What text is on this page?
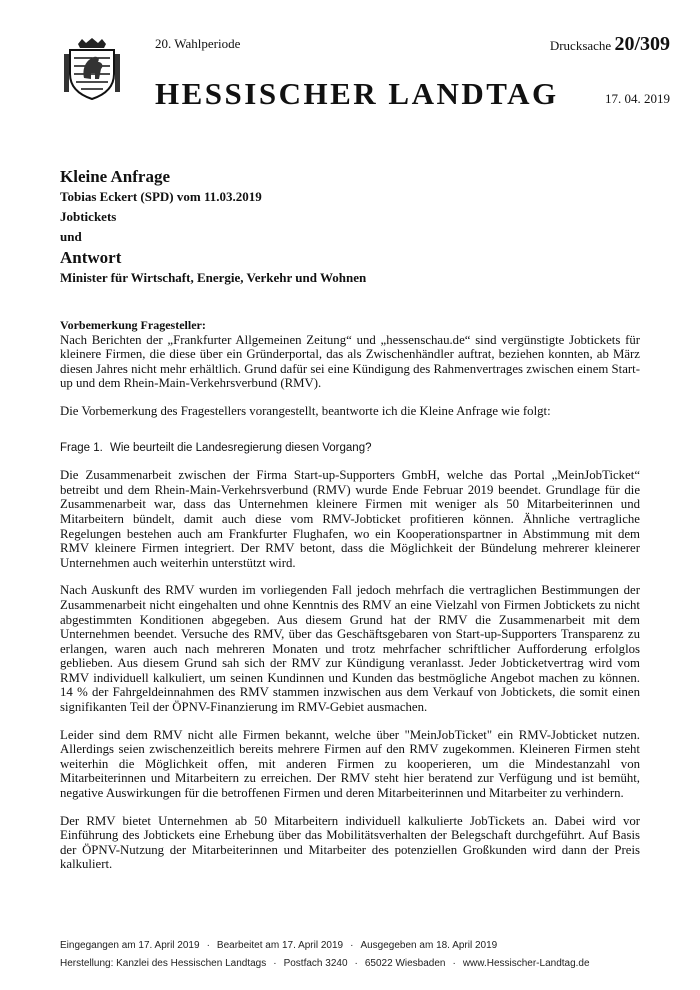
20. Wahlperiode	Drucksache 20/309
HESSISCHER LANDTAG	17. 04. 2019
Kleine Anfrage
Tobias Eckert (SPD) vom 11.03.2019
Jobtickets
und
Antwort
Minister für Wirtschaft, Energie, Verkehr und Wohnen
Vorbemerkung Fragesteller:

Nach Berichten der „Frankfurter Allgemeinen Zeitung“ und „hessenschau.de“ sind vergünstigte Jobtickets für kleinere Firmen, die diese über ein Gründerportal, das als Zwischenhändler auftrat, beziehen konnten, ab März diesen Jahres nicht mehr erhältlich. Grund dafür sei eine Kündigung des Rahmenvertrages zwischen einem Start-up und dem Rhein-Main-Verkehrsverbund (RMV).

Die Vorbemerkung des Fragestellers vorangestellt, beantworte ich die Kleine Anfrage wie folgt:

Frage 1. Wie beurteilt die Landesregierung diesen Vorgang?

Die Zusammenarbeit zwischen der Firma Start-up-Supporters GmbH, welche das Portal „MeinJobTicket“ betreibt und dem Rhein-Main-Verkehrsverbund (RMV) wurde Ende Februar 2019 beendet. Grundlage für die Zusammenarbeit war, dass das Unternehmen kleinere Firmen mit weniger als 50 Mitarbeiterinnen und Mitarbeitern bündelt, damit auch diese vom RMV-Jobticket profitieren können. Ähnliche vertragliche Regelungen bestehen auch am Frankfurter Flughafen, wo ein Kooperationspartner in Abstimmung mit dem RMV kleinere Firmen integriert. Der RMV betont, dass die Möglichkeit der Bündelung mehrerer kleinerer Unternehmen auch weiterhin unterstützt wird.

Nach Auskunft des RMV wurden im vorliegenden Fall jedoch mehrfach die vertraglichen Bestimmungen der Zusammenarbeit nicht eingehalten und ohne Kenntnis des RMV an eine Vielzahl von Firmen Jobtickets zu nicht abgestimmten Konditionen abgegeben. Aus diesem Grund hat der RMV die Zusammenarbeit mit dem Unternehmen beendet. Versuche des RMV, über das Geschäftsgebaren von Start-up-Supporters Transparenz zu erlangen, waren auch nach mehreren Monaten und trotz mehrfacher schriftlicher Aufforderung erfolglos geblieben. Aus diesem Grund sah sich der RMV zur Kündigung veranlasst. Jeder Jobticketvertrag wird vom RMV individuell kalkuliert, um seinen Kundinnen und Kunden das bestmögliche Angebot machen zu können. 14 % der Fahrgeldeinnahmen des RMV stammen inzwischen aus dem Verkauf von Jobtickets, die somit einen signifikanten Teil der ÖPNV-Finanzierung im RMV-Gebiet ausmachen.

Leider sind dem RMV nicht alle Firmen bekannt, welche über "MeinJobTicket" ein RMV-Jobticket nutzen. Allerdings seien zwischenzeitlich bereits mehrere Firmen auf den RMV zugekommen. Kleineren Firmen steht weiterhin die Möglichkeit offen, mit anderen Firmen zu kooperieren, um die Mindestanzahl von Mitarbeiterinnen und Mitarbeitern zu erreichen. Der RMV steht hier beratend zur Verfügung und ist bemüht, negative Auswirkungen für die betroffenen Firmen und deren Mitarbeiterinnen und Mitarbeiter zu verhindern.

Der RMV bietet Unternehmen ab 50 Mitarbeitern individuell kalkulierte JobTickets an. Dabei wird vor Einführung des Jobtickets eine Erhebung über das Mobilitätsverhalten der Belegschaft durchgeführt. Auf Basis der ÖPNV-Nutzung der Mitarbeiterinnen und Mitarbeiter des potenziellen Großkunden wird dann der Preis kalkuliert.

Eingegangen am 17. April 2019 · Bearbeitet am 17. April 2019 · Ausgegeben am 18. April 2019
Herstellung: Kanzlei des Hessischen Landtags · Postfach 3240 · 65022 Wiesbaden · www.Hessischer-Landtag.de
